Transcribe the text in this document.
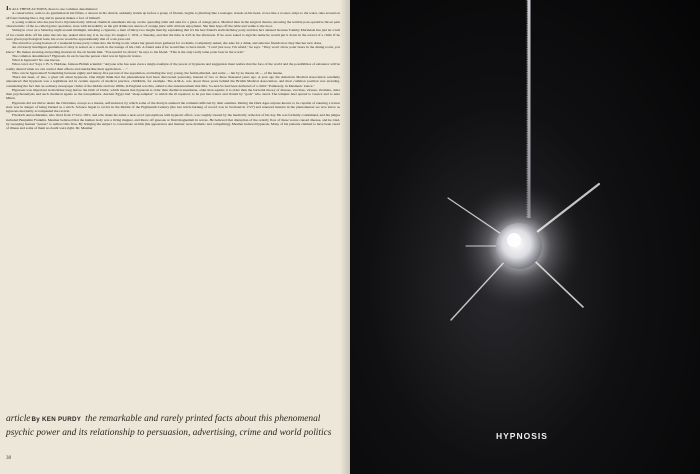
IN ALL THESE ACTIONS, there is one common denominator:

A conservative, well-to-do gentleman in his fifties, a deacon in his church, suddenly stands up before a group of friends, begins to jitterbug like a teenager, stands on his head, crows like a rooster, strips to the waist, runs around on all fours barking like a dog and in general makes a fool of himself.

A young woman who has just had a thyroidectomy without chemical anesthesia sits up on the operating table and asks for a glass of orange juice. Medical men in the surgical theatre, knowing the terrible post-operative throat pain characteristic of the so-called goiter operation, stare with incredulity as the girl drinks ten ounces of orange juice with obvious enjoyment. She then hops off the table and walks to the door.

Sitting in a bar on a Saturday night around midnight, smoking a cigarette, a man of thirty-two laughs merrily, explaining that it's his best friend's sixth birthday party and that he's amazed because Tommy Marindale has just let a ball of ice-cream slide off his plate into his lap. Asked what day it is, he says it's August 7, 1931, a Tuesday, and that the time is 4:25 in the afternoon. If he were asked to sign his name he would put it down in the scrawl of a child. If he were given psychological tests, his score would be approximately that of a six-year-old.

The attractive young hostess of a weekend house party comes into the living room, where her guests have gathered for cocktails. Completely naked, she asks for a drink, and asks her friends how they like her new dress.

An obviously intelligent gentleman of sixty is seated on a couch in the lounge of his club. A friend asks if he would like to have lunch. "I can't just now, I'm afraid," he says. "They won't allow polar bears in the dining room, you know." He makes stroking and petting motions in the air beside him. "You needn't be afraid," he says to his friend. "This is the only really tame polar bear in the world."

The common denominator? Hypnosis. In each case the person cited was in hypnotic trance.

What is hypnosis? No one knows.

What can it do? Says J. B. S. Haldane, famous British scientist: "Anyone who has seen even a single example of the power of hypnosis and suggestion must realize that the face of the world and the possibilities of existence will be totally altered when we can control their effects and standardize their application . . ."

Who can be hypnotized? Something between eighty and ninety-five percent of the population, excluding the very young, the feeble-minded, and some — but by no means all — of the insane.

There has been, of late, a great stir about hypnosis. One might think that the phenomenon had been discovered yesterday, instead of two or three thousand years ago. A year ago the American Medical Association solemnly announced that hypnosis was a legitimate aid in certain aspects of medical practice, childbirth, for example. The A.M.A. was about three years behind the British Medical Association, and their common position was arresting, considering the fact that an ordinary newspaper clichè of the middle and late 1800s, in England was this, added to the announcement that Mrs. So-and-So had been delivered of a child: "Painlessly, in Mesmeric trance."

Hypnosis was important in medicine long before the birth of Christ, which means that hypnosis is older than chemical anesthesia, older than aspirin; it is older than the bacterial theory of disease, vaccines, viruses, vitamins, older than psychoanalysis and such chemical agents as the tranquilizers. Ancient Egypt had "sleep-temples" to which the ill repaired, to be put into trance and visited by "gods" who cured. The temples later spread to Greece and to Asia Minor.

Hypnosis did not thrive under the Christians, except as a means, self-induced, by which some of the martyrs endured the torments inflicted by their enemies. During the Dark Ages anyone known to be capable of entering a trance state was in danger of being burned as a witch. Science began to revive in the middle of the Eighteenth Century (the last witch-burning of record was in Scotland in 1727) and renewed interest in the phenomenon we now know as hypnosis inevitably accompanied the revival.

Friedrich Anton Mesmer, who lived from 1734 to 1815, and who made his name a near-word synonymous with hypnotic effect, was roughly treated by the medically orthodox of his day. He was formally condemned, and his judges included Benjamin Franklin. Mesmer believed that the human body was a living magnet, and threw off gaseous or fluid magnetism in waves. He believed that disruption of the orderly flow of these waves caused disease, and he tried, by sweeping manual "passes" to redirect this flow. By bringing the subject to concentrate on him (his appearance and manner were dramatic and compelling), Mesmer induced hypnosis. Many of his patients claimed to have been cured of illness and some of them no doubt were right. Dr. Mesmer

articleBy KEN PURDY the remarkable and rarely printed facts about this phenomenal psychic power and its relationship to persuasion, advertising, crime and world politics
38
HYPNOSIS
